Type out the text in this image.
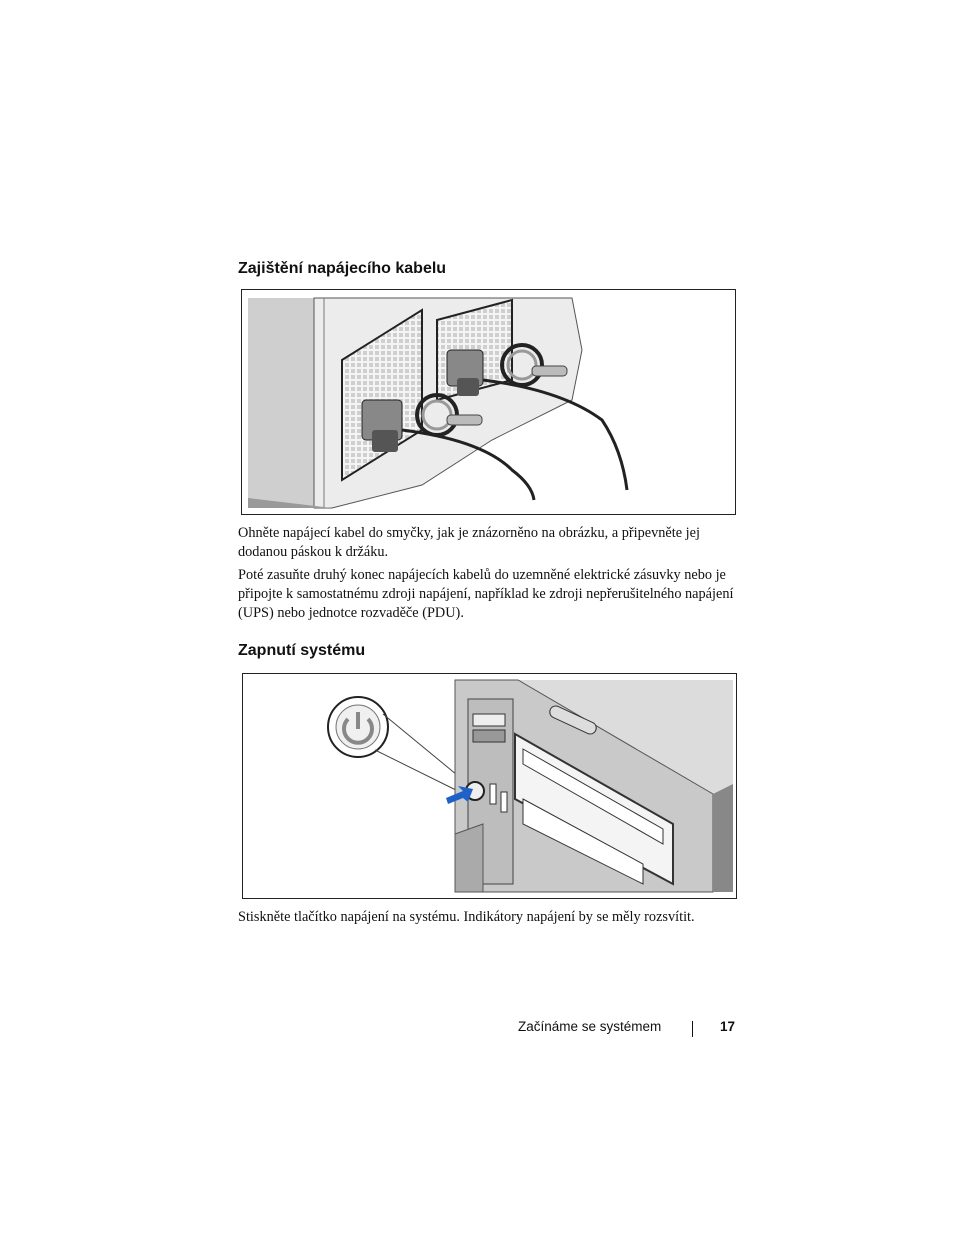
Zajištění napájecího kabelu

Ohněte napájecí kabel do smyčky, jak je znázorněno na obrázku, a připevněte jej dodanou páskou k držáku.

Poté zasuňte druhý konec napájecích kabelů do uzemněné elektrické zásuvky nebo je připojte k samostatnému zdroji napájení, například ke zdroji nepřerušitelného napájení (UPS) nebo jednotce rozvaděče (PDU).

Zapnutí systému

Stiskněte tlačítko napájení na systému. Indikátory napájení by se měly rozsvítit.

Začínáme se systémem	17
